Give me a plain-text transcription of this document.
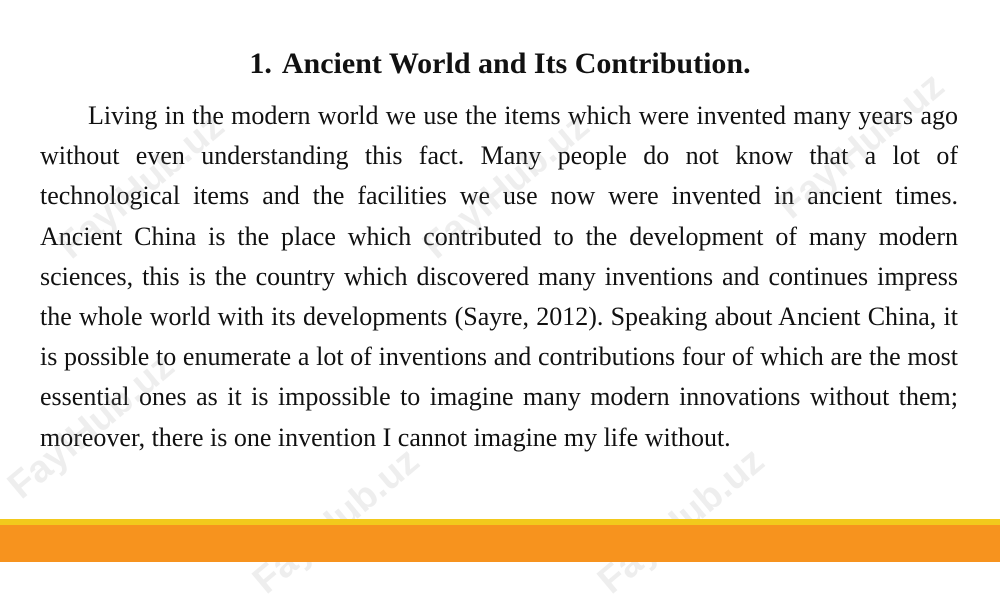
1. Ancient World and Its Contribution.

Living in the modern world we use the items which were invented many years ago without even understanding this fact. Many people do not know that a lot of technological items and the facilities we use now were invented in ancient times. Ancient China is the place which contributed to the development of many modern sciences, this is the country which discovered many inventions and continues impress the whole world with its developments (Sayre, 2012). Speaking about Ancient China, it is possible to enumerate a lot of inventions and contributions four of which are the most essential ones as it is impossible to imagine many modern innovations without them; moreover, there is one invention I cannot imagine my life without.

FaylHub.uz	FaylHub.uz	FaylHub.uz
FaylHub.uz
